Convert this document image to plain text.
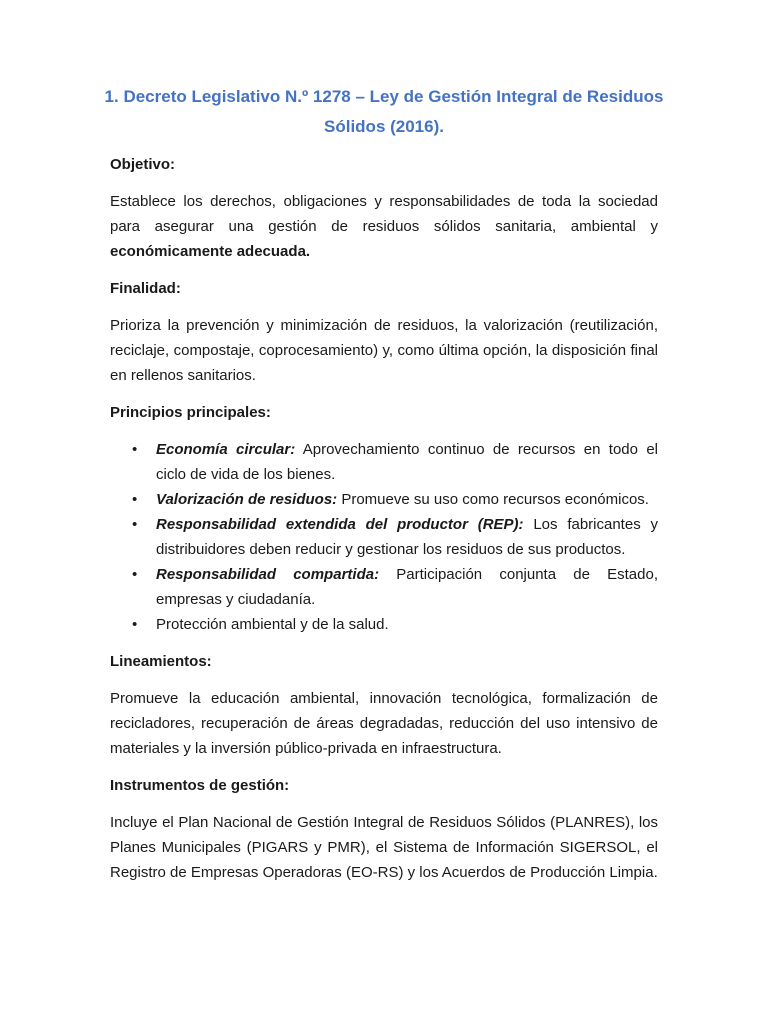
1. Decreto Legislativo N.º 1278 – Ley de Gestión Integral de Residuos Sólidos (2016).
Objetivo:

Establece los derechos, obligaciones y responsabilidades de toda la sociedad para asegurar una gestión de residuos sólidos sanitaria, ambiental y económicamente adecuada.

Finalidad:

Prioriza la prevención y minimización de residuos, la valorización (reutilización, reciclaje, compostaje, coprocesamiento) y, como última opción, la disposición final en rellenos sanitarios.

Principios principales:
• Economía circular: Aprovechamiento continuo de recursos en todo el ciclo de vida de los bienes.
• Valorización de residuos: Promueve su uso como recursos económicos.
• Responsabilidad extendida del productor (REP): Los fabricantes y distribuidores deben reducir y gestionar los residuos de sus productos.
• Responsabilidad compartida: Participación conjunta de Estado, empresas y ciudadanía.
• Protección ambiental y de la salud.
Lineamientos:

Promueve la educación ambiental, innovación tecnológica, formalización de recicladores, recuperación de áreas degradadas, reducción del uso intensivo de materiales y la inversión público-privada en infraestructura.

Instrumentos de gestión:

Incluye el Plan Nacional de Gestión Integral de Residuos Sólidos (PLANRES), los Planes Municipales (PIGARS y PMR), el Sistema de Información SIGERSOL, el Registro de Empresas Operadoras (EO-RS) y los Acuerdos de Producción Limpia.
